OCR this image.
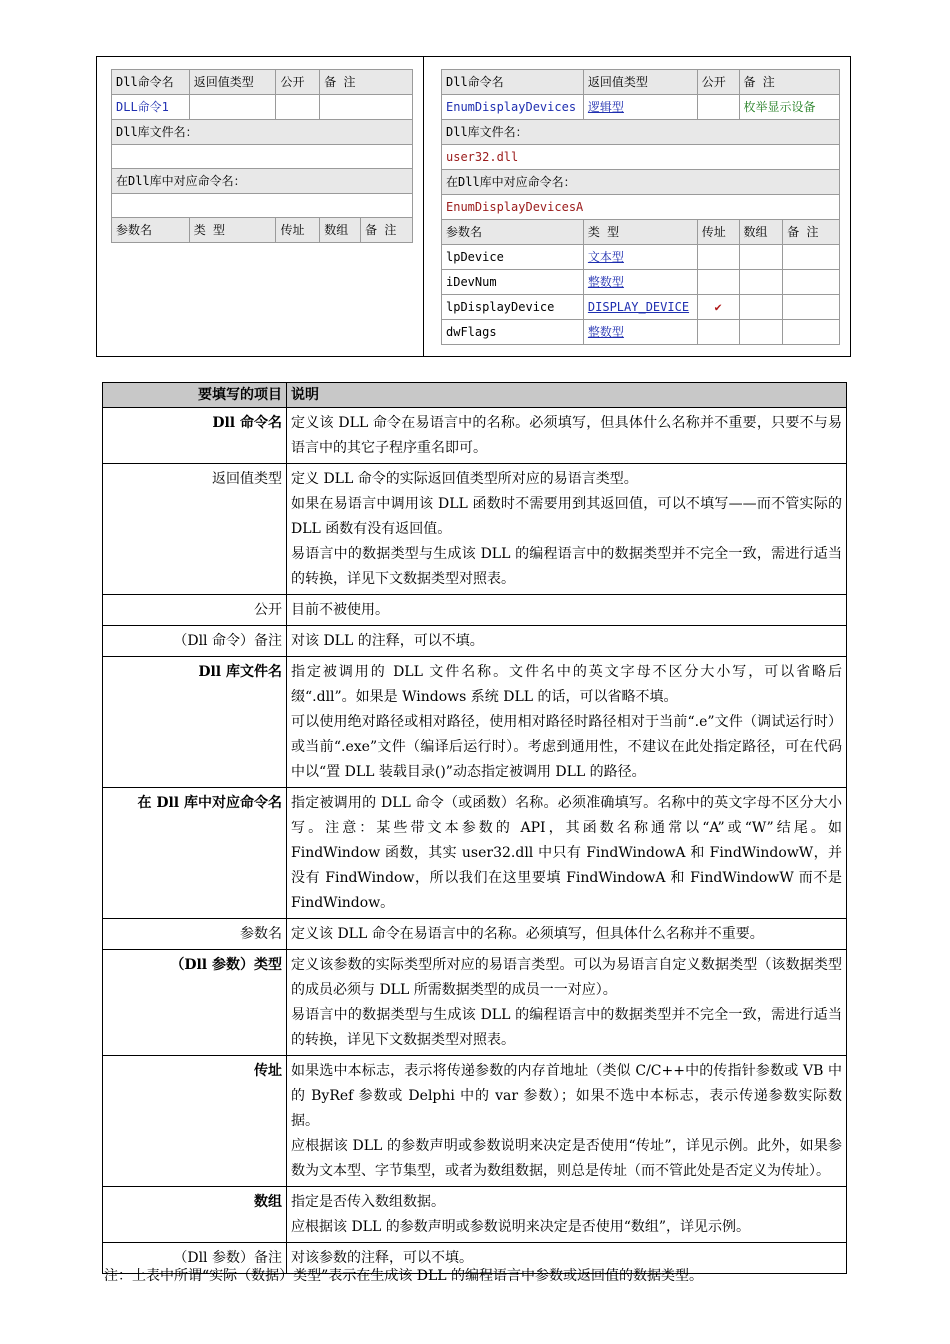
Dll命令名	返回值类型	公开	备 注	
DLL命令1				
Dll库文件名：				

在Dll库中对应命令名：				

参数名	类 型	传址	数组	备 注
Dll命令名	返回值类型	公开	备 注	
EnumDisplayDevices	逻辑型		枚举显示设备	
Dll库文件名：				
user32.dll				
在Dll库中对应命令名：				
EnumDisplayDevicesA				
参数名	类 型	传址	数组	备 注
lpDevice	文本型			
iDevNum	整数型			
lpDisplayDevice	DISPLAY_DEVICE	✔		
dwFlags	整数型			
要填写的项目	说明
Dll 命令名	定义该 DLL 命令在易语言中的名称。必须填写，但具体什么名称并不重要，只要不与易语言中的其它子程序重名即可。

返回值类型	定义 DLL 命令的实际返回值类型所对应的易语言类型。
如果在易语言中调用该 DLL 函数时不需要用到其返回值，可以不填写——而不管实际的 DLL 函数有没有返回值。
易语言中的数据类型与生成该 DLL 的编程语言中的数据类型并不完全一致，需进行适当的转换，详见下文数据类型对照表。

公开	目前不被使用。

（Dll 命令）备注	对该 DLL 的注释，可以不填。

Dll 库文件名	指定被调用的 DLL 文件名称。文件名中的英文字母不区分大小写，可以省略后缀“.dll”。如果是 Windows 系统 DLL 的话，可以省略不填。
可以使用绝对路径或相对路径，使用相对路径时路径相对于当前“.e”文件（调试运行时）或当前“.exe”文件（编译后运行时）。考虑到通用性，不建议在此处指定路径，可在代码中以“置 DLL 装载目录()”动态指定被调用 DLL 的路径。

在 Dll 库中对应命令名	指定被调用的 DLL 命令（或函数）名称。必须准确填写。名称中的英文字母不区分大小写。注意：某些带文本参数的 API，其函数名称通常以“A”或“W”结尾。如 FindWindow 函数，其实 user32.dll 中只有 FindWindowA 和 FindWindowW，并没有 FindWindow，所以我们在这里要填 FindWindowA 和 FindWindowW 而不是 FindWindow。

参数名	定义该 DLL 命令在易语言中的名称。必须填写，但具体什么名称并不重要。

（Dll 参数）类型	定义该参数的实际类型所对应的易语言类型。可以为易语言自定义数据类型（该数据类型的成员必须与 DLL 所需数据类型的成员一一对应）。
易语言中的数据类型与生成该 DLL 的编程语言中的数据类型并不完全一致，需进行适当的转换，详见下文数据类型对照表。

传址	如果选中本标志，表示将传递参数的内存首地址（类似 C/C++中的传指针参数或 VB 中的 ByRef 参数或 Delphi 中的 var 参数）；如果不选中本标志，表示传递参数实际数据。
应根据该 DLL 的参数声明或参数说明来决定是否使用“传址”，详见示例。此外，如果参数为文本型、字节集型，或者为数组数据，则总是传址（而不管此处是否定义为传址）。

数组	指定是否传入数组数据。
应根据该 DLL 的参数声明或参数说明来决定是否使用“数组”，详见示例。

（Dll 参数）备注	对该参数的注释，可以不填。
注：上表中所谓“实际（数据）类型”表示在生成该 DLL 的编程语言中参数或返回值的数据类型。
